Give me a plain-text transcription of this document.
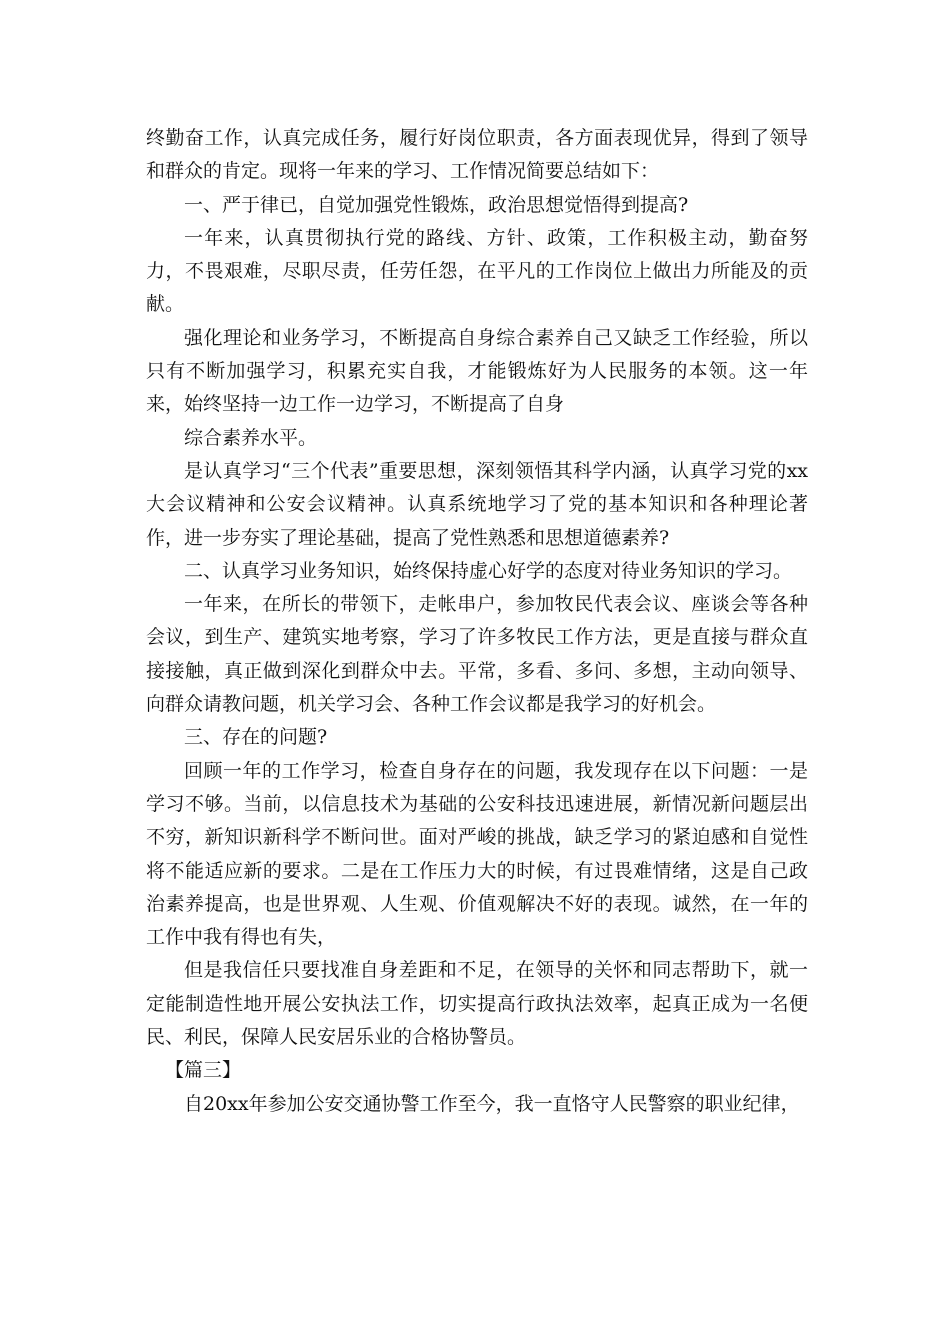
终勤奋工作，认真完成任务，履行好岗位职责，各方面表现优异，得到了领导和群众的肯定。现将一年来的学习、工作情况简要总结如下：

一、严于律已，自觉加强党性锻炼，政治思想觉悟得到提高?

一年来，认真贯彻执行党的路线、方针、政策，工作积极主动，勤奋努力，不畏艰难，尽职尽责，任劳任怨，在平凡的工作岗位上做出力所能及的贡献。

强化理论和业务学习，不断提高自身综合素养自己又缺乏工作经验，所以只有不断加强学习，积累充实自我，才能锻炼好为人民服务的本领。这一年来，始终坚持一边工作一边学习，不断提高了自身

综合素养水平。

是认真学习“三个代表”重要思想，深刻领悟其科学内涵，认真学习党的xx大会议精神和公安会议精神。认真系统地学习了党的基本知识和各种理论著作，进一步夯实了理论基础，提高了党性熟悉和思想道德素养?

二、认真学习业务知识，始终保持虚心好学的态度对待业务知识的学习。

一年来，在所长的带领下，走帐串户，参加牧民代表会议、座谈会等各种会议，到生产、建筑实地考察，学习了许多牧民工作方法，更是直接与群众直接接触，真正做到深化到群众中去。平常，多看、多问、多想，主动向领导、向群众请教问题，机关学习会、各种工作会议都是我学习的好机会。

三、存在的问题?

回顾一年的工作学习，检查自身存在的问题，我发现存在以下问题：一是学习不够。当前，以信息技术为基础的公安科技迅速进展，新情况新问题层出不穷，新知识新科学不断问世。面对严峻的挑战，缺乏学习的紧迫感和自觉性将不能适应新的要求。二是在工作压力大的时候，有过畏难情绪，这是自己政治素养提高，也是世界观、人生观、价值观解决不好的表现。诚然，在一年的工作中我有得也有失，

但是我信任只要找准自身差距和不足，在领导的关怀和同志帮助下，就一定能制造性地开展公安执法工作，切实提高行政执法效率，起真正成为一名便民、利民，保障人民安居乐业的合格协警员。

【篇三】

自20xx年参加公安交通协警工作至今，我一直恪守人民警察的职业纪律，
